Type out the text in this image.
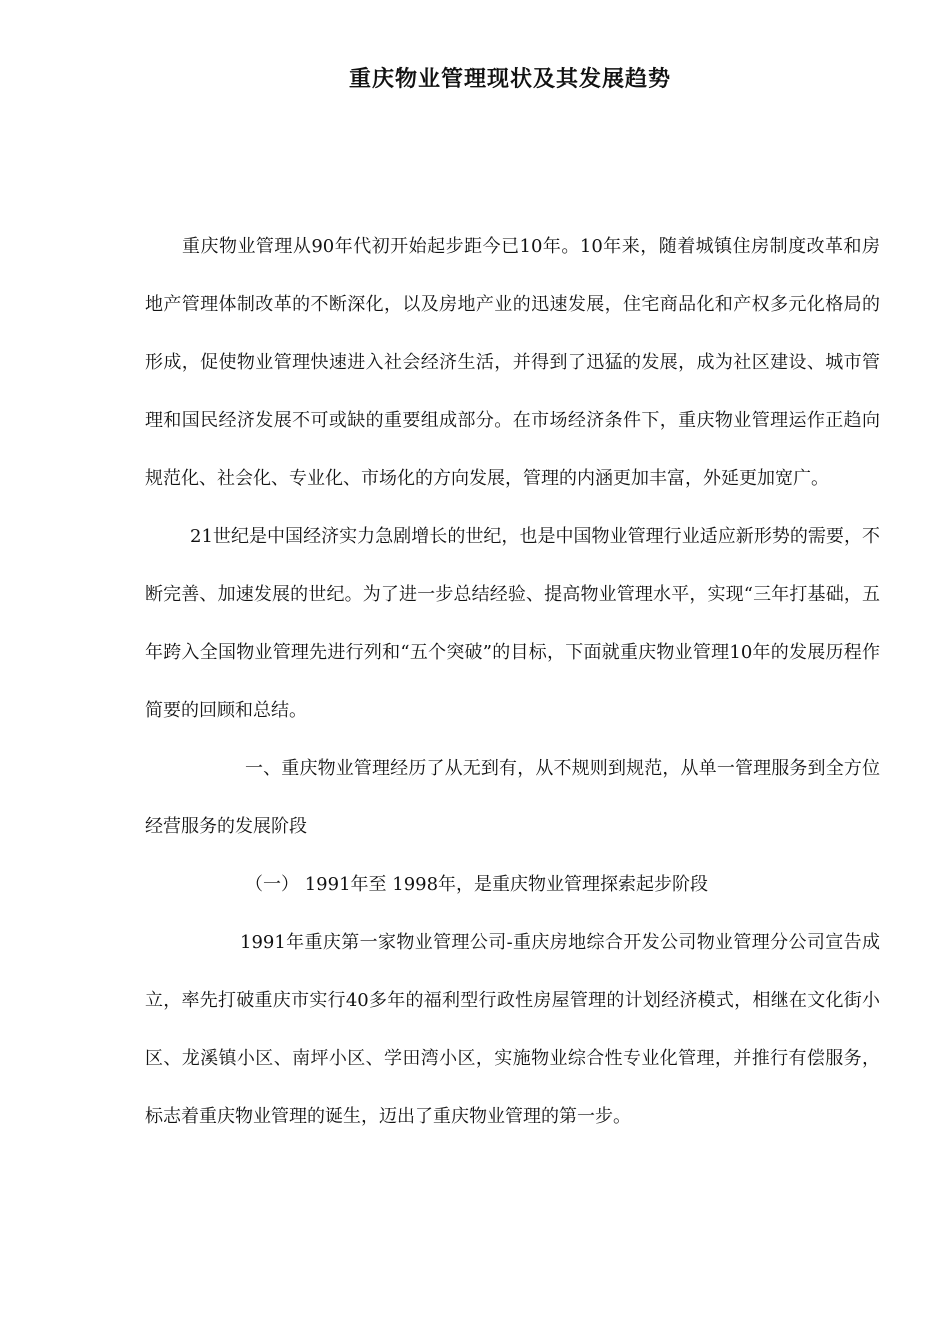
重庆物业管理现状及其发展趋势

重庆物业管理从90年代初开始起步距今已10年。10年来，随着城镇住房制度改革和房地产管理体制改革的不断深化，以及房地产业的迅速发展，住宅商品化和产权多元化格局的形成，促使物业管理快速进入社会经济生活，并得到了迅猛的发展，成为社区建设、城市管理和国民经济发展不可或缺的重要组成部分。在市场经济条件下，重庆物业管理运作正趋向规范化、社会化、专业化、市场化的方向发展，管理的内涵更加丰富，外延更加宽广。

21世纪是中国经济实力急剧增长的世纪，也是中国物业管理行业适应新形势的需要，不断完善、加速发展的世纪。为了进一步总结经验、提高物业管理水平，实现“三年打基础，五年跨入全国物业管理先进行列和“五个突破”的目标，下面就重庆物业管理10年的发展历程作简要的回顾和总结。

一、重庆物业管理经历了从无到有，从不规则到规范，从单一管理服务到全方位经营服务的发展阶段

（一） 1991年至 1998年，是重庆物业管理探索起步阶段

1991年重庆第一家物业管理公司-重庆房地综合开发公司物业管理分公司宣告成立，率先打破重庆市实行40多年的福利型行政性房屋管理的计划经济模式，相继在文化街小区、龙溪镇小区、南坪小区、学田湾小区，实施物业综合性专业化管理，并推行有偿服务，标志着重庆物业管理的诞生，迈出了重庆物业管理的第一步。
